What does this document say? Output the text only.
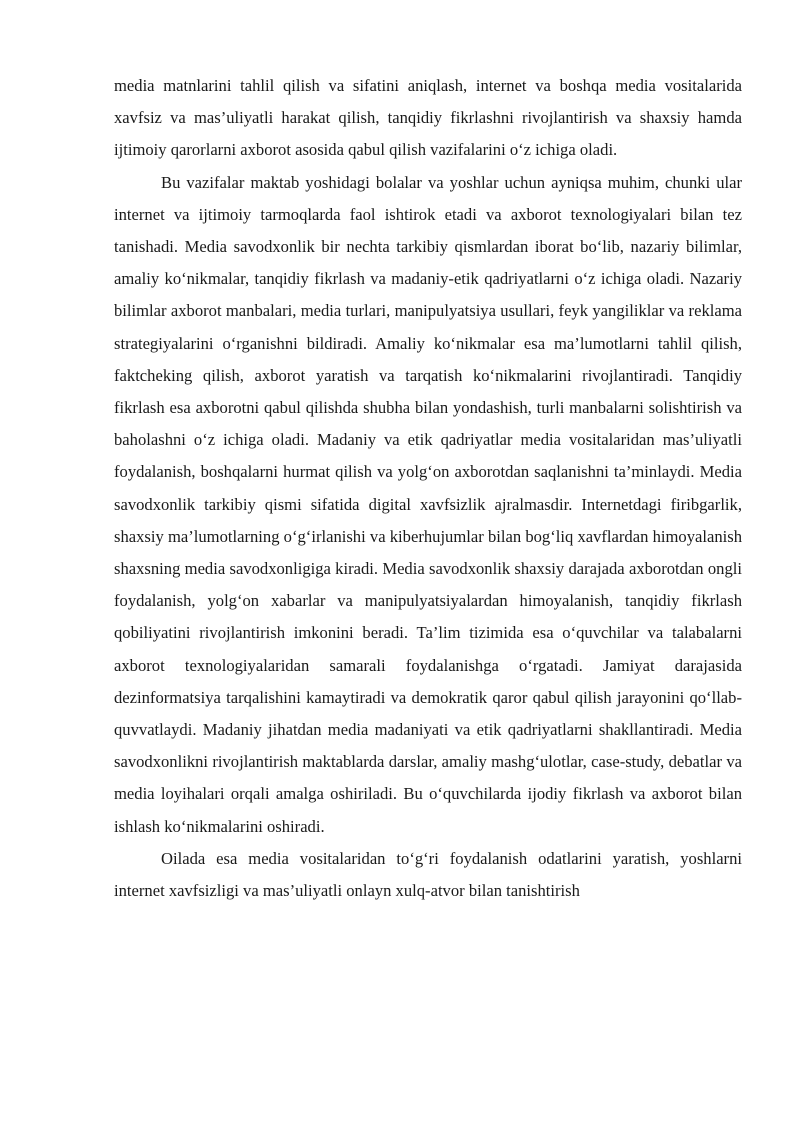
media matnlarini tahlil qilish va sifatini aniqlash, internet va boshqa media vositalarida xavfsiz va mas’uliyatli harakat qilish, tanqidiy fikrlashni rivojlantirish va shaxsiy hamda ijtimoiy qarorlarni axborot asosida qabul qilish vazifalarini o‘z ichiga oladi.

Bu vazifalar maktab yoshidagi bolalar va yoshlar uchun ayniqsa muhim, chunki ular internet va ijtimoiy tarmoqlarda faol ishtirok etadi va axborot texnologiyalari bilan tez tanishadi. Media savodxonlik bir nechta tarkibiy qismlardan iborat bo‘lib, nazariy bilimlar, amaliy ko‘nikmalar, tanqidiy fikrlash va madaniy-etik qadriyatlarni o‘z ichiga oladi. Nazariy bilimlar axborot manbalari, media turlari, manipulyatsiya usullari, feyk yangiliklar va reklama strategiyalarini o‘rganishni bildiradi. Amaliy ko‘nikmalar esa ma’lumotlarni tahlil qilish, faktcheking qilish, axborot yaratish va tarqatish ko‘nikmalarini rivojlantiradi. Tanqidiy fikrlash esa axborotni qabul qilishda shubha bilan yondashish, turli manbalarni solishtirish va baholashni o‘z ichiga oladi. Madaniy va etik qadriyatlar media vositalaridan mas’uliyatli foydalanish, boshqalarni hurmat qilish va yolg‘on axborotdan saqlanishni ta’minlaydi. Media savodxonlik tarkibiy qismi sifatida digital xavfsizlik ajralmasdir. Internetdagi firibgarlik, shaxsiy ma’lumotlarning o‘g‘irlanishi va kiberhujumlar bilan bog‘liq xavflardan himoyalanish shaxsning media savodxonligiga kiradi. Media savodxonlik shaxsiy darajada axborotdan ongli foydalanish, yolg‘on xabarlar va manipulyatsiyalardan himoyalanish, tanqidiy fikrlash qobiliyatini rivojlantirish imkonini beradi. Ta’lim tizimida esa o‘quvchilar va talabalarni axborot texnologiyalaridan samarali foydalanishga o‘rgatadi. Jamiyat darajasida dezinformatsiya tarqalishini kamaytiradi va demokratik qaror qabul qilish jarayonini qo‘llab-quvvatlaydi. Madaniy jihatdan media madaniyati va etik qadriyatlarni shakllantiradi. Media savodxonlikni rivojlantirish maktablarda darslar, amaliy mashg‘ulotlar, case-study, debatlar va media loyihalari orqali amalga oshiriladi. Bu o‘quvchilarda ijodiy fikrlash va axborot bilan ishlash ko‘nikmalarini oshiradi.

Oilada esa media vositalaridan to‘g‘ri foydalanish odatlarini yaratish, yoshlarni internet xavfsizligi va mas’uliyatli onlayn xulq-atvor bilan tanishtirish
